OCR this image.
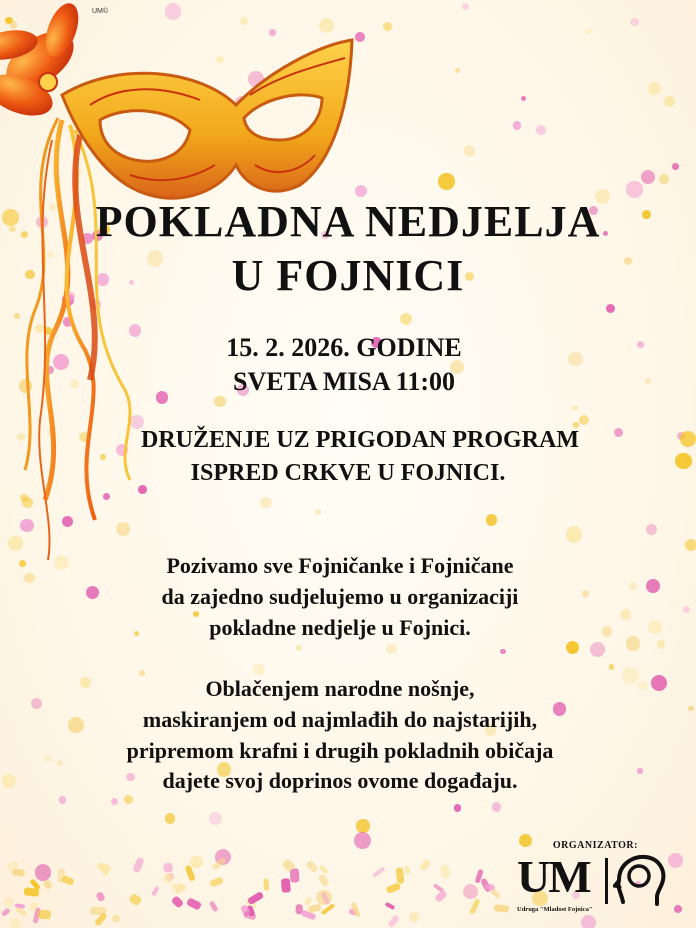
UM©
POKLADNA NEDJELJA
U FOJNICI
15. 2. 2026. GODINE
SVETA MISA 11:00
DRUŽENJE UZ PRIGODAN PROGRAM
ISPRED CRKVE U FOJNICI.
Pozivamo sve Fojničanke i Fojničane
da zajedno sudjelujemo u organizaciji
pokladne nedjelje u Fojnici.
Oblačenjem narodne nošnje,
maskiranjem od najmlađih do najstarijih,
pripremom krafni i drugih pokladnih običaja
dajete svoj doprinos ovome događaju.
ORGANIZATOR:
UM
Udruga "Mladost Fojnica"
